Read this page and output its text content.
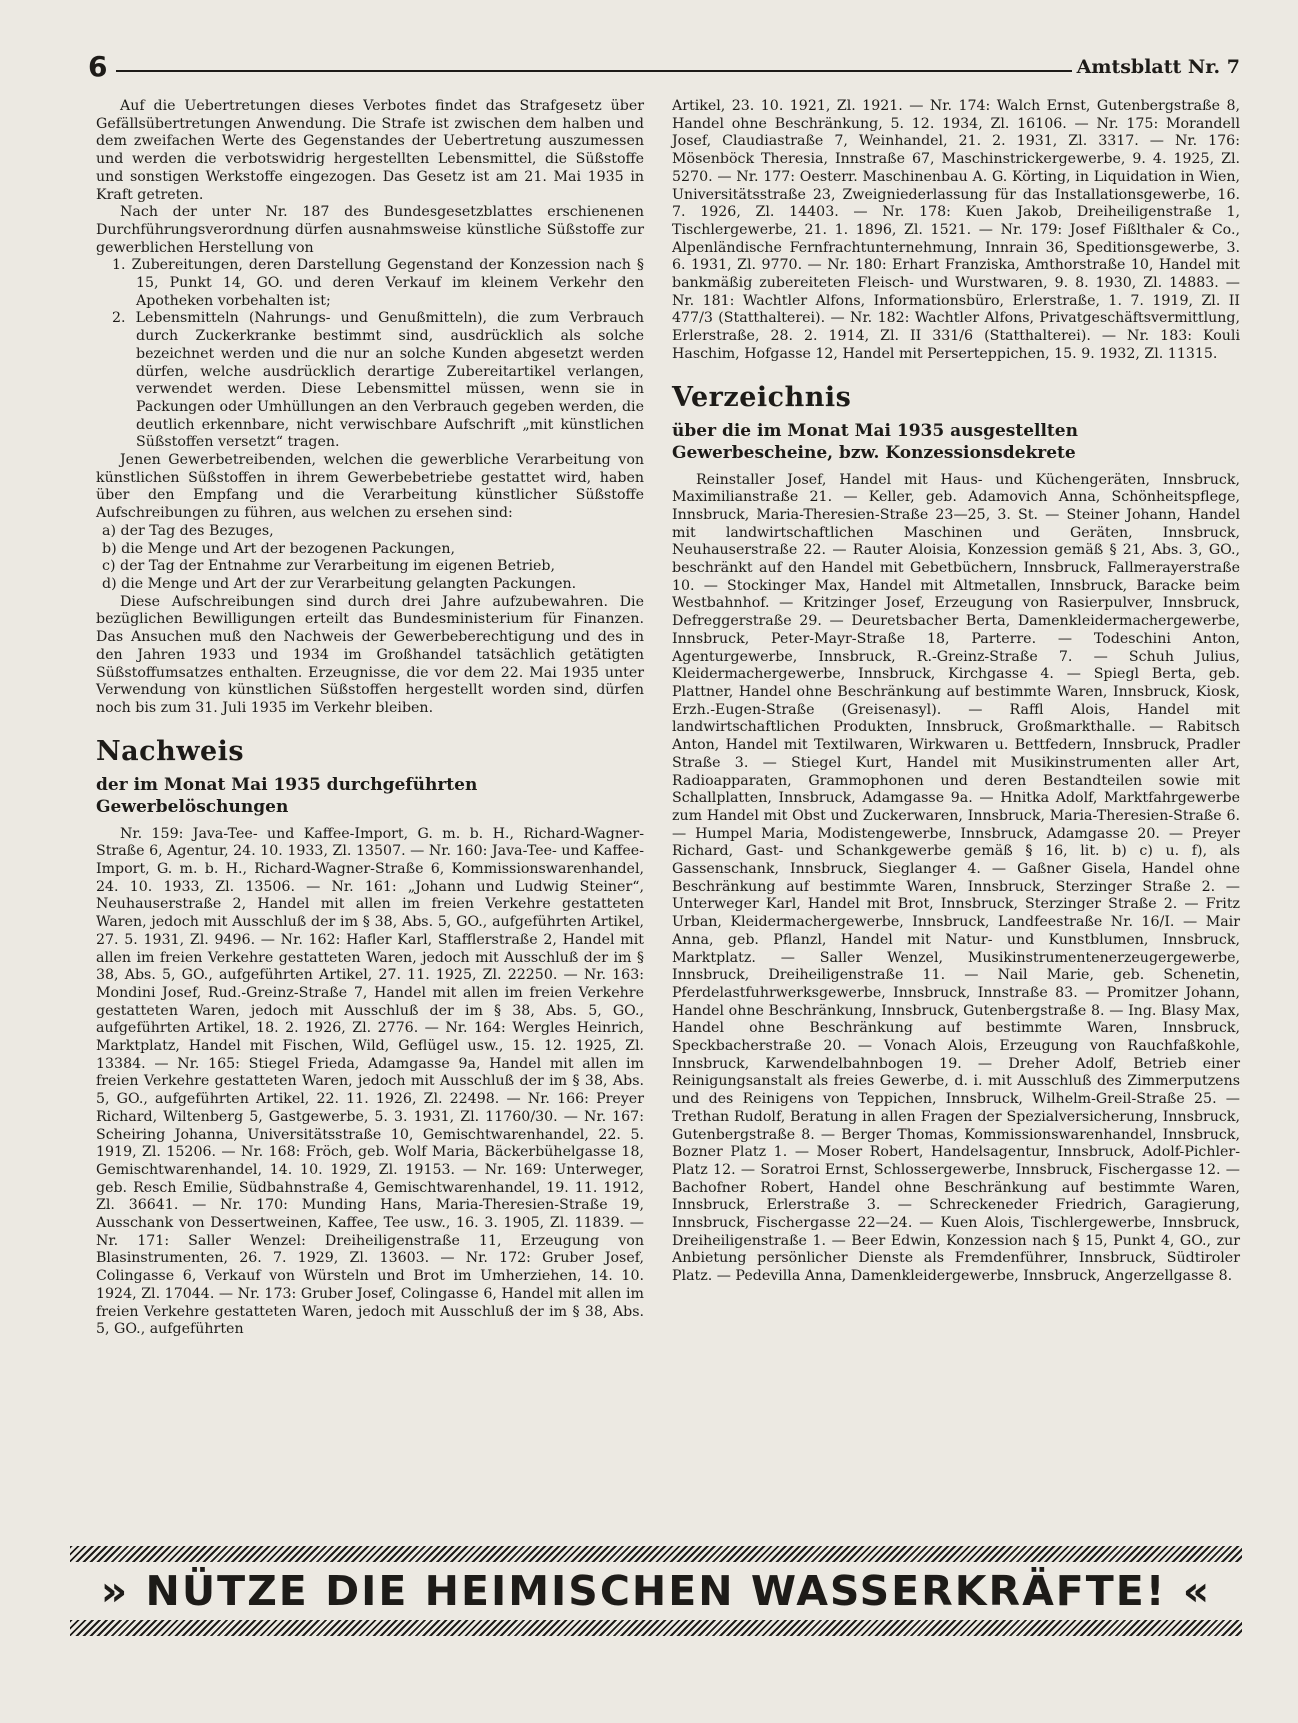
6	Amtsblatt Nr. 7

Auf die Uebertretungen dieses Verbotes findet das Strafgesetz über Gefällsübertretungen Anwendung. Die Strafe ist zwischen dem halben und dem zweifachen Werte des Gegenstandes der Uebertretung auszumessen und werden die verbotswidrig hergestellten Lebensmittel, die Süßstoffe und sonstigen Werkstoffe eingezogen. Das Gesetz ist am 21. Mai 1935 in Kraft getreten.

Nach der unter Nr. 187 des Bundesgesetzblattes erschienenen Durchführungsverordnung dürfen ausnahmsweise künstliche Süßstoffe zur gewerblichen Herstellung von

1. Zubereitungen, deren Darstellung Gegenstand der Konzession nach § 15, Punkt 14, GO. und deren Verkauf im kleinem Verkehr den Apotheken vorbehalten ist;
2. Lebensmitteln (Nahrungs- und Genußmitteln), die zum Verbrauch durch Zuckerkranke bestimmt sind, ausdrücklich als solche bezeichnet werden und die nur an solche Kunden abgesetzt werden dürfen, welche ausdrücklich derartige Zubereitartikel verlangen, verwendet werden. Diese Lebensmittel müssen, wenn sie in Packungen oder Umhüllungen an den Verbrauch gegeben werden, die deutlich erkennbare, nicht verwischbare Aufschrift „mit künstlichen Süßstoffen versetzt“ tragen.

Jenen Gewerbetreibenden, welchen die gewerbliche Verarbeitung von künstlichen Süßstoffen in ihrem Gewerbebetriebe gestattet wird, haben über den Empfang und die Verarbeitung künstlicher Süßstoffe Aufschreibungen zu führen, aus welchen zu ersehen sind:

a) der Tag des Bezuges,
b) die Menge und Art der bezogenen Packungen,
c) der Tag der Entnahme zur Verarbeitung im eigenen Betrieb,
d) die Menge und Art der zur Verarbeitung gelangten Packungen.

Diese Aufschreibungen sind durch drei Jahre aufzubewahren. Die bezüglichen Bewilligungen erteilt das Bundesministerium für Finanzen. Das Ansuchen muß den Nachweis der Gewerbeberechtigung und des in den Jahren 1933 und 1934 im Großhandel tatsächlich getätigten Süßstoffumsatzes enthalten. Erzeugnisse, die vor dem 22. Mai 1935 unter Verwendung von künstlichen Süßstoffen hergestellt worden sind, dürfen noch bis zum 31. Juli 1935 im Verkehr bleiben.

Nachweis
der im Monat Mai 1935 durchgeführten Gewerbelöschungen

Nr. 159: Java-Tee- und Kaffee-Import, G. m. b. H., Richard-Wagner-Straße 6, Agentur, 24. 10. 1933, Zl. 13507. — Nr. 160: Java-Tee- und Kaffee-Import, G. m. b. H., Richard-Wagner-Straße 6, Kommissionswarenhandel, 24. 10. 1933, Zl. 13506. — Nr. 161: „Johann und Ludwig Steiner“, Neuhauserstraße 2, Handel mit allen im freien Verkehre gestatteten Waren, jedoch mit Ausschluß der im § 38, Abs. 5, GO., aufgeführten Artikel, 27. 5. 1931, Zl. 9496. — Nr. 162: Hafler Karl, Stafflerstraße 2, Handel mit allen im freien Verkehre gestatteten Waren, jedoch mit Ausschluß der im § 38, Abs. 5, GO., aufgeführten Artikel, 27. 11. 1925, Zl. 22250. — Nr. 163: Mondini Josef, Rud.-Greinz-Straße 7, Handel mit allen im freien Verkehre gestatteten Waren, jedoch mit Ausschluß der im § 38, Abs. 5, GO., aufgeführten Artikel, 18. 2. 1926, Zl. 2776. — Nr. 164: Wergles Heinrich, Marktplatz, Handel mit Fischen, Wild, Geflügel usw., 15. 12. 1925, Zl. 13384. — Nr. 165: Stiegel Frieda, Adamgasse 9a, Handel mit allen im freien Verkehre gestatteten Waren, jedoch mit Ausschluß der im § 38, Abs. 5, GO., aufgeführten Artikel, 22. 11. 1926, Zl. 22498. — Nr. 166: Preyer Richard, Wiltenberg 5, Gastgewerbe, 5. 3. 1931, Zl. 11760/30. — Nr. 167: Scheiring Johanna, Universitätsstraße 10, Gemischtwarenhandel, 22. 5. 1919, Zl. 15206. — Nr. 168: Fröch, geb. Wolf Maria, Bäckerbühelgasse 18, Gemischtwarenhandel, 14. 10. 1929, Zl. 19153. — Nr. 169: Unterweger, geb. Resch Emilie, Südbahnstraße 4, Gemischtwarenhandel, 19. 11. 1912, Zl. 36641. — Nr. 170: Munding Hans, Maria-Theresien-Straße 19, Ausschank von Dessertweinen, Kaffee, Tee usw., 16. 3. 1905, Zl. 11839. — Nr. 171: Saller Wenzel: Dreiheiligenstraße 11, Erzeugung von Blasinstrumenten, 26. 7. 1929, Zl. 13603. — Nr. 172: Gruber Josef, Colingasse 6, Verkauf von Würsteln und Brot im Umherziehen, 14. 10. 1924, Zl. 17044. — Nr. 173: Gruber Josef, Colingasse 6, Handel mit allen im freien Verkehre gestatteten Waren, jedoch mit Ausschluß der im § 38, Abs. 5, GO., aufgeführten

Artikel, 23. 10. 1921, Zl. 1921. — Nr. 174: Walch Ernst, Gutenbergstraße 8, Handel ohne Beschränkung, 5. 12. 1934, Zl. 16106. — Nr. 175: Morandell Josef, Claudiastraße 7, Weinhandel, 21. 2. 1931, Zl. 3317. — Nr. 176: Mösenböck Theresia, Innstraße 67, Maschinstrickergewerbe, 9. 4. 1925, Zl. 5270. — Nr. 177: Oesterr. Maschinenbau A. G. Körting, in Liquidation in Wien, Universitätsstraße 23, Zweigniederlassung für das Installationsgewerbe, 16. 7. 1926, Zl. 14403. — Nr. 178: Kuen Jakob, Dreiheiligenstraße 1, Tischlergewerbe, 21. 1. 1896, Zl. 1521. — Nr. 179: Josef Fißlthaler & Co., Alpenländische Fernfrachtunternehmung, Innrain 36, Speditionsgewerbe, 3. 6. 1931, Zl. 9770. — Nr. 180: Erhart Franziska, Amthorstraße 10, Handel mit bankmäßig zubereiteten Fleisch- und Wurstwaren, 9. 8. 1930, Zl. 14883. — Nr. 181: Wachtler Alfons, Informationsbüro, Erlerstraße, 1. 7. 1919, Zl. II 477/3 (Statthalterei). — Nr. 182: Wachtler Alfons, Privatgeschäftsvermittlung, Erlerstraße, 28. 2. 1914, Zl. II 331/6 (Statthalterei). — Nr. 183: Kouli Haschim, Hofgasse 12, Handel mit Perserteppichen, 15. 9. 1932, Zl. 11315.

Verzeichnis
über die im Monat Mai 1935 ausgestellten Gewerbescheine, bzw. Konzessionsdekrete

Reinstaller Josef, Handel mit Haus- und Küchengeräten, Innsbruck, Maximilianstraße 21. — Keller, geb. Adamovich Anna, Schönheitspflege, Innsbruck, Maria-Theresien-Straße 23—25, 3. St. — Steiner Johann, Handel mit landwirtschaftlichen Maschinen und Geräten, Innsbruck, Neuhauserstraße 22. — Rauter Aloisia, Konzession gemäß § 21, Abs. 3, GO., beschränkt auf den Handel mit Gebetbüchern, Innsbruck, Fallmerayerstraße 10. — Stockinger Max, Handel mit Altmetallen, Innsbruck, Baracke beim Westbahnhof. — Kritzinger Josef, Erzeugung von Rasierpulver, Innsbruck, Defreggerstraße 29. — Deuretsbacher Berta, Damenkleidermachergewerbe, Innsbruck, Peter-Mayr-Straße 18, Parterre. — Todeschini Anton, Agenturgewerbe, Innsbruck, R.-Greinz-Straße 7. — Schuh Julius, Kleidermachergewerbe, Innsbruck, Kirchgasse 4. — Spiegl Berta, geb. Plattner, Handel ohne Beschränkung auf bestimmte Waren, Innsbruck, Kiosk, Erzh.-Eugen-Straße (Greisenasyl). — Raffl Alois, Handel mit landwirtschaftlichen Produkten, Innsbruck, Großmarkthalle. — Rabitsch Anton, Handel mit Textilwaren, Wirkwaren u. Bettfedern, Innsbruck, Pradler Straße 3. — Stiegel Kurt, Handel mit Musikinstrumenten aller Art, Radioapparaten, Grammophonen und deren Bestandteilen sowie mit Schallplatten, Innsbruck, Adamgasse 9a. — Hnitka Adolf, Marktfahrgewerbe zum Handel mit Obst und Zuckerwaren, Innsbruck, Maria-Theresien-Straße 6. — Humpel Maria, Modistengewerbe, Innsbruck, Adamgasse 20. — Preyer Richard, Gast- und Schankgewerbe gemäß § 16, lit. b) c) u. f), als Gassenschank, Innsbruck, Sieglanger 4. — Gaßner Gisela, Handel ohne Beschränkung auf bestimmte Waren, Innsbruck, Sterzinger Straße 2. — Unterweger Karl, Handel mit Brot, Innsbruck, Sterzinger Straße 2. — Fritz Urban, Kleidermachergewerbe, Innsbruck, Landfeestraße Nr. 16/I. — Mair Anna, geb. Pflanzl, Handel mit Natur- und Kunstblumen, Innsbruck, Marktplatz. — Saller Wenzel, Musikinstrumentenerzeugergewerbe, Innsbruck, Dreiheiligenstraße 11. — Nail Marie, geb. Schenetin, Pferdelastfuhrwerksgewerbe, Innsbruck, Innstraße 83. — Promitzer Johann, Handel ohne Beschränkung, Innsbruck, Gutenbergstraße 8. — Ing. Blasy Max, Handel ohne Beschränkung auf bestimmte Waren, Innsbruck, Speckbacherstraße 20. — Vonach Alois, Erzeugung von Rauchfaßkohle, Innsbruck, Karwendelbahnbogen 19. — Dreher Adolf, Betrieb einer Reinigungsanstalt als freies Gewerbe, d. i. mit Ausschluß des Zimmerputzens und des Reinigens von Teppichen, Innsbruck, Wilhelm-Greil-Straße 25. — Trethan Rudolf, Beratung in allen Fragen der Spezialversicherung, Innsbruck, Gutenbergstraße 8. — Berger Thomas, Kommissionswarenhandel, Innsbruck, Bozner Platz 1. — Moser Robert, Handelsagentur, Innsbruck, Adolf-Pichler-Platz 12. — Soratroi Ernst, Schlossergewerbe, Innsbruck, Fischergasse 12. — Bachofner Robert, Handel ohne Beschränkung auf bestimmte Waren, Innsbruck, Erlerstraße 3. — Schreckeneder Friedrich, Garagierung, Innsbruck, Fischergasse 22—24. — Kuen Alois, Tischlergewerbe, Innsbruck, Dreiheiligenstraße 1. — Beer Edwin, Konzession nach § 15, Punkt 4, GO., zur Anbietung persönlicher Dienste als Fremdenführer, Innsbruck, Südtiroler Platz. — Pedevilla Anna, Damenkleidergewerbe, Innsbruck, Angerzellgasse 8.

» NÜTZE DIE HEIMISCHEN WASSERKRÄFTE! «
